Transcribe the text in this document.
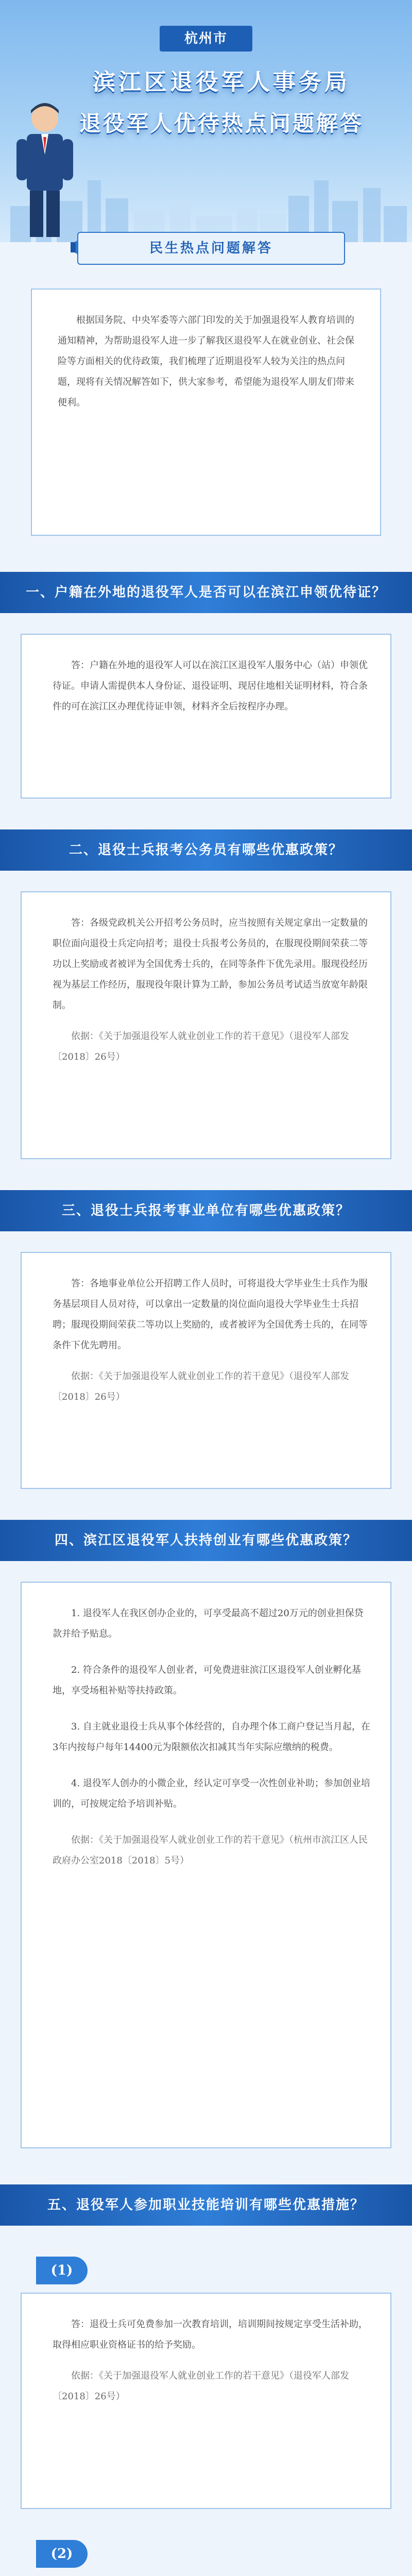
杭州市
滨江区退役军人事务局
退役军人优待热点问题解答
民生热点问题解答

根据国务院、中央军委等六部门印发的关于加强退役军人教育培训的通知精神，为帮助退役军人进一步了解我区退役军人在就业创业、社会保险等方面相关的优待政策，我们梳理了近期退役军人较为关注的热点问题，现将有关情况解答如下，供大家参考，希望能为退役军人朋友们带来便利。

一、户籍在外地的退役军人是否可以在滨江申领优待证？

答：户籍在外地的退役军人可以在滨江区退役军人服务中心（站）申领优待证。申请人需提供本人身份证、退役证明、现居住地相关证明材料，符合条件的可在滨江区办理优待证申领，材料齐全后按程序办理。

二、退役士兵报考公务员有哪些优惠政策？

答：各级党政机关公开招考公务员时，应当按照有关规定拿出一定数量的职位面向退役士兵定向招考；退役士兵报考公务员的，在服现役期间荣获二等功以上奖励或者被评为全国优秀士兵的，在同等条件下优先录用。服现役经历视为基层工作经历，服现役年限计算为工龄，参加公务员考试适当放宽年龄限制。

依据：《关于加强退役军人就业创业工作的若干意见》（退役军人部发〔2018〕26号）

三、退役士兵报考事业单位有哪些优惠政策？

答：各地事业单位公开招聘工作人员时，可将退役大学毕业生士兵作为服务基层项目人员对待，可以拿出一定数量的岗位面向退役大学毕业生士兵招聘；服现役期间荣获二等功以上奖励的，或者被评为全国优秀士兵的，在同等条件下优先聘用。

依据：《关于加强退役军人就业创业工作的若干意见》（退役军人部发〔2018〕26号）

四、滨江区退役军人扶持创业有哪些优惠政策？

1. 退役军人在我区创办企业的，可享受最高不超过20万元的创业担保贷款并给予贴息。

2. 符合条件的退役军人创业者，可免费进驻滨江区退役军人创业孵化基地，享受场租补贴等扶持政策。

3. 自主就业退役士兵从事个体经营的，自办理个体工商户登记当月起，在3年内按每户每年14400元为限额依次扣减其当年实际应缴纳的税费。

4. 退役军人创办的小微企业，经认定可享受一次性创业补助；参加创业培训的，可按规定给予培训补贴。

依据：《关于加强退役军人就业创业工作的若干意见》（杭州市滨江区人民政府办公室2018〔2018〕5号）

五、退役军人参加职业技能培训有哪些优惠措施？
(1)

答：退役士兵可免费参加一次教育培训，培训期间按规定享受生活补助，取得相应职业资格证书的给予奖励。

依据：《关于加强退役军人就业创业工作的若干意见》（退役军人部发〔2018〕26号）

(2)
